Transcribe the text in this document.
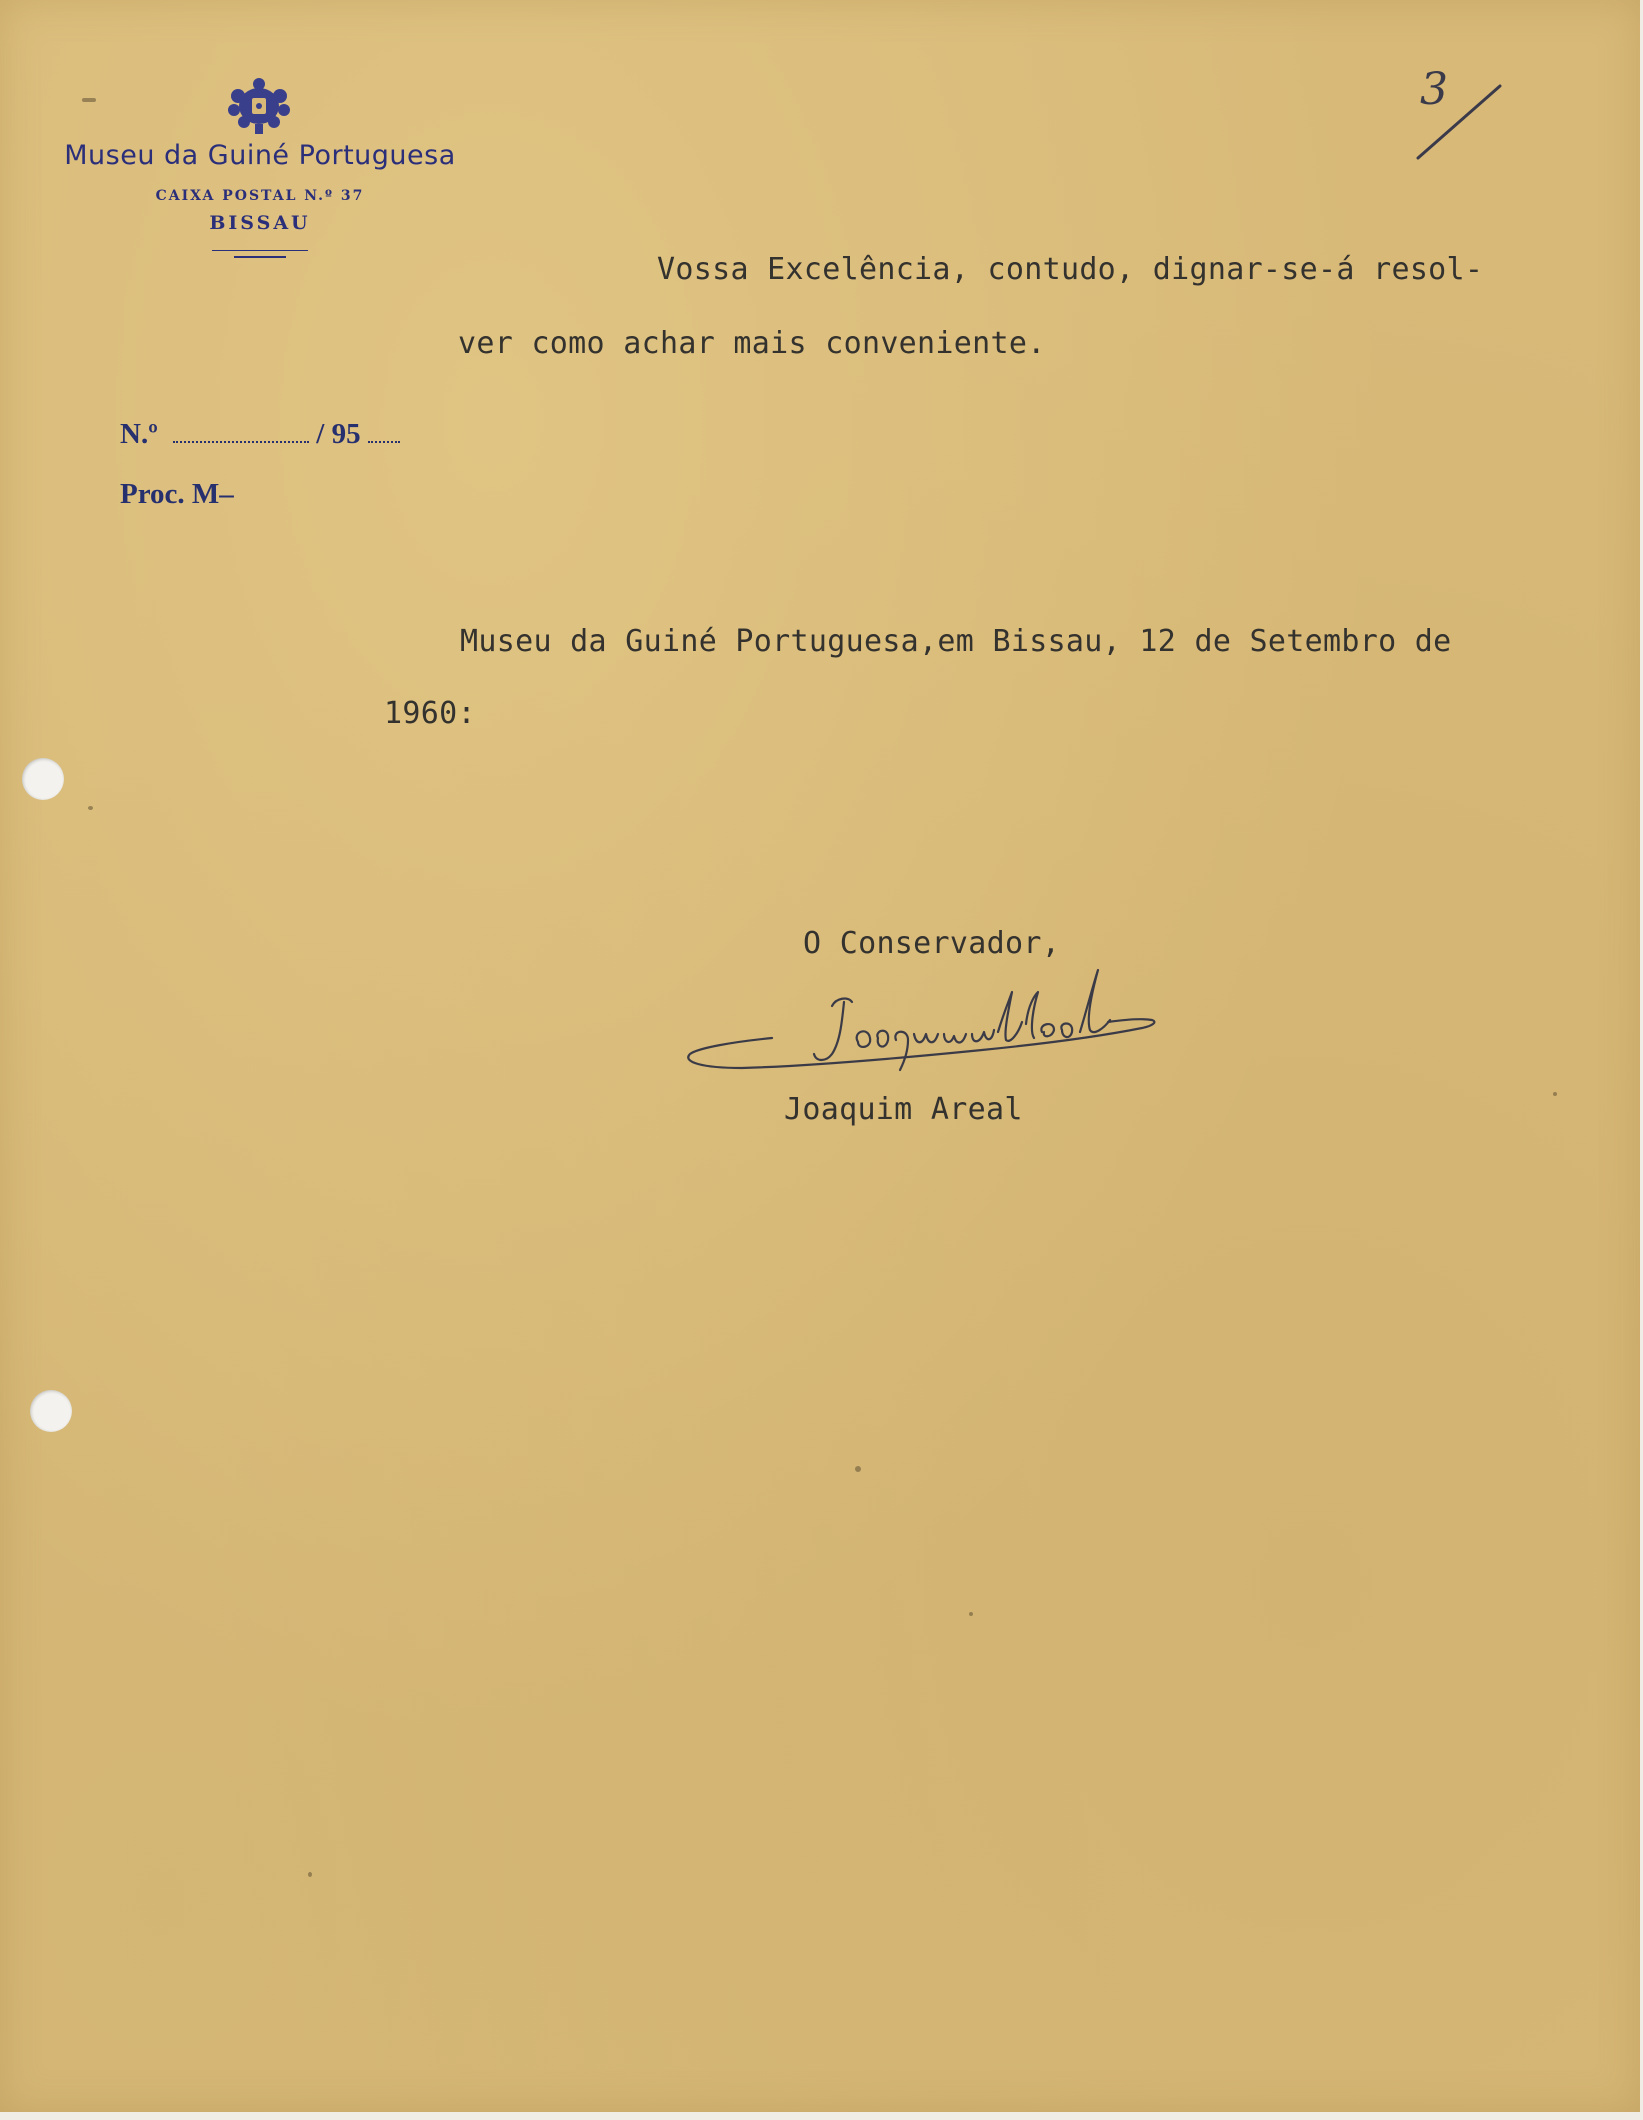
Museu da Guiné Portuguesa
CAIXA POSTAL N.º 37
BISSAU
3
N.º	/ 95
Proc. M–
Vossa Excelência, contudo, dignar-se-á resol-
ver como achar mais conveniente.
Museu da Guiné Portuguesa,em Bissau, 12 de Setembro de
1960:
O Conservador,
Joaquim Areal
